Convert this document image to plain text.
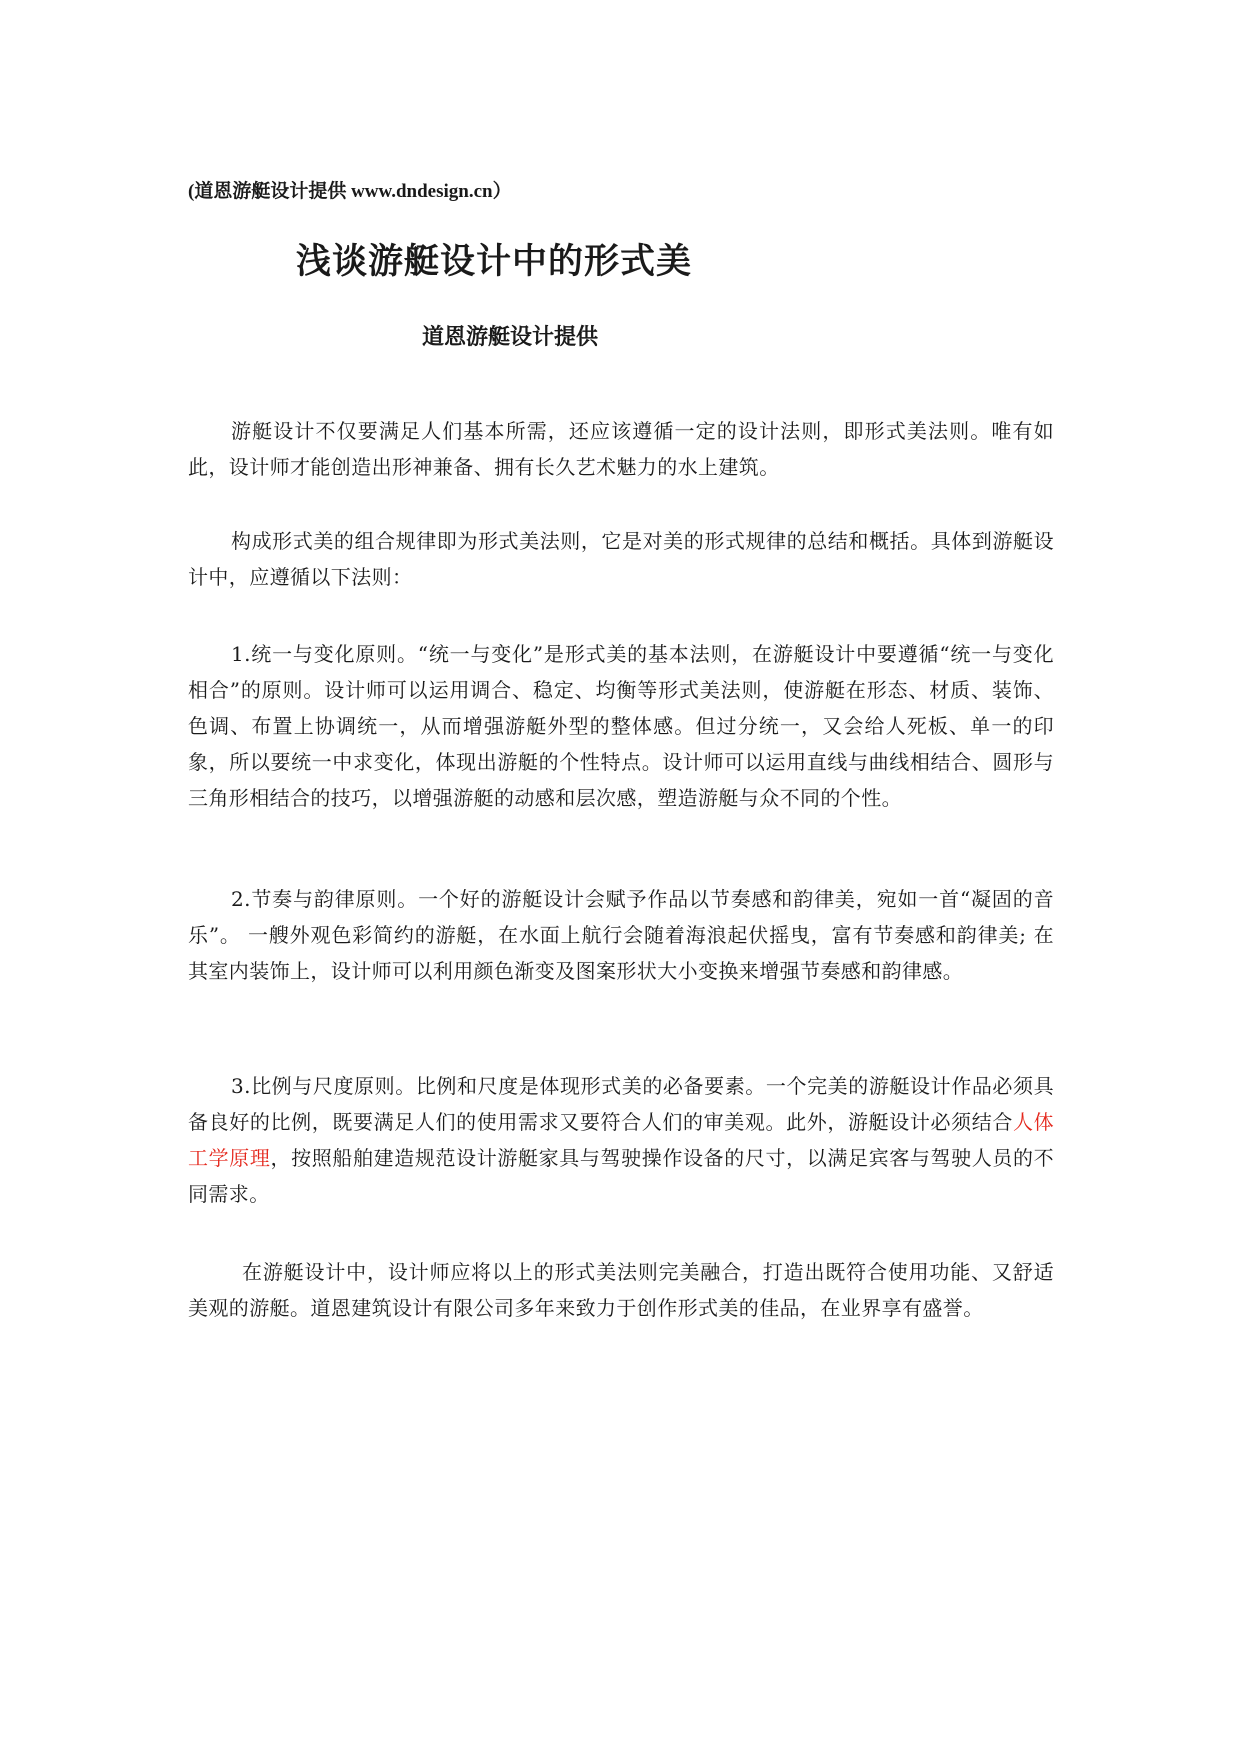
(道恩游艇设计提供 www.dndesign.cn）
浅谈游艇设计中的形式美
道恩游艇设计提供

游艇设计不仅要满足人们基本所需，还应该遵循一定的设计法则，即形式美法则。唯有如此，设计师才能创造出形神兼备、拥有长久艺术魅力的水上建筑。

构成形式美的组合规律即为形式美法则，它是对美的形式规律的总结和概括。具体到游艇设计中，应遵循以下法则：

1.统一与变化原则。“统一与变化”是形式美的基本法则，在游艇设计中要遵循“统一与变化相合”的原则。设计师可以运用调合、稳定、均衡等形式美法则，使游艇在形态、材质、装饰、色调、布置上协调统一，从而增强游艇外型的整体感。但过分统一，又会给人死板、单一的印象，所以要统一中求变化，体现出游艇的个性特点。设计师可以运用直线与曲线相结合、圆形与三角形相结合的技巧，以增强游艇的动感和层次感，塑造游艇与众不同的个性。

2.节奏与韵律原则。一个好的游艇设计会赋予作品以节奏感和韵律美，宛如一首“凝固的音乐”。 一艘外观色彩简约的游艇，在水面上航行会随着海浪起伏摇曳，富有节奏感和韵律美; 在其室内装饰上，设计师可以利用颜色渐变及图案形状大小变换来增强节奏感和韵律感。

3.比例与尺度原则。比例和尺度是体现形式美的必备要素。一个完美的游艇设计作品必须具备良好的比例，既要满足人们的使用需求又要符合人们的审美观。此外，游艇设计必须结合人体工学原理，按照船舶建造规范设计游艇家具与驾驶操作设备的尺寸，以满足宾客与驾驶人员的不同需求。

在游艇设计中，设计师应将以上的形式美法则完美融合，打造出既符合使用功能、又舒适美观的游艇。道恩建筑设计有限公司多年来致力于创作形式美的佳品，在业界享有盛誉。
